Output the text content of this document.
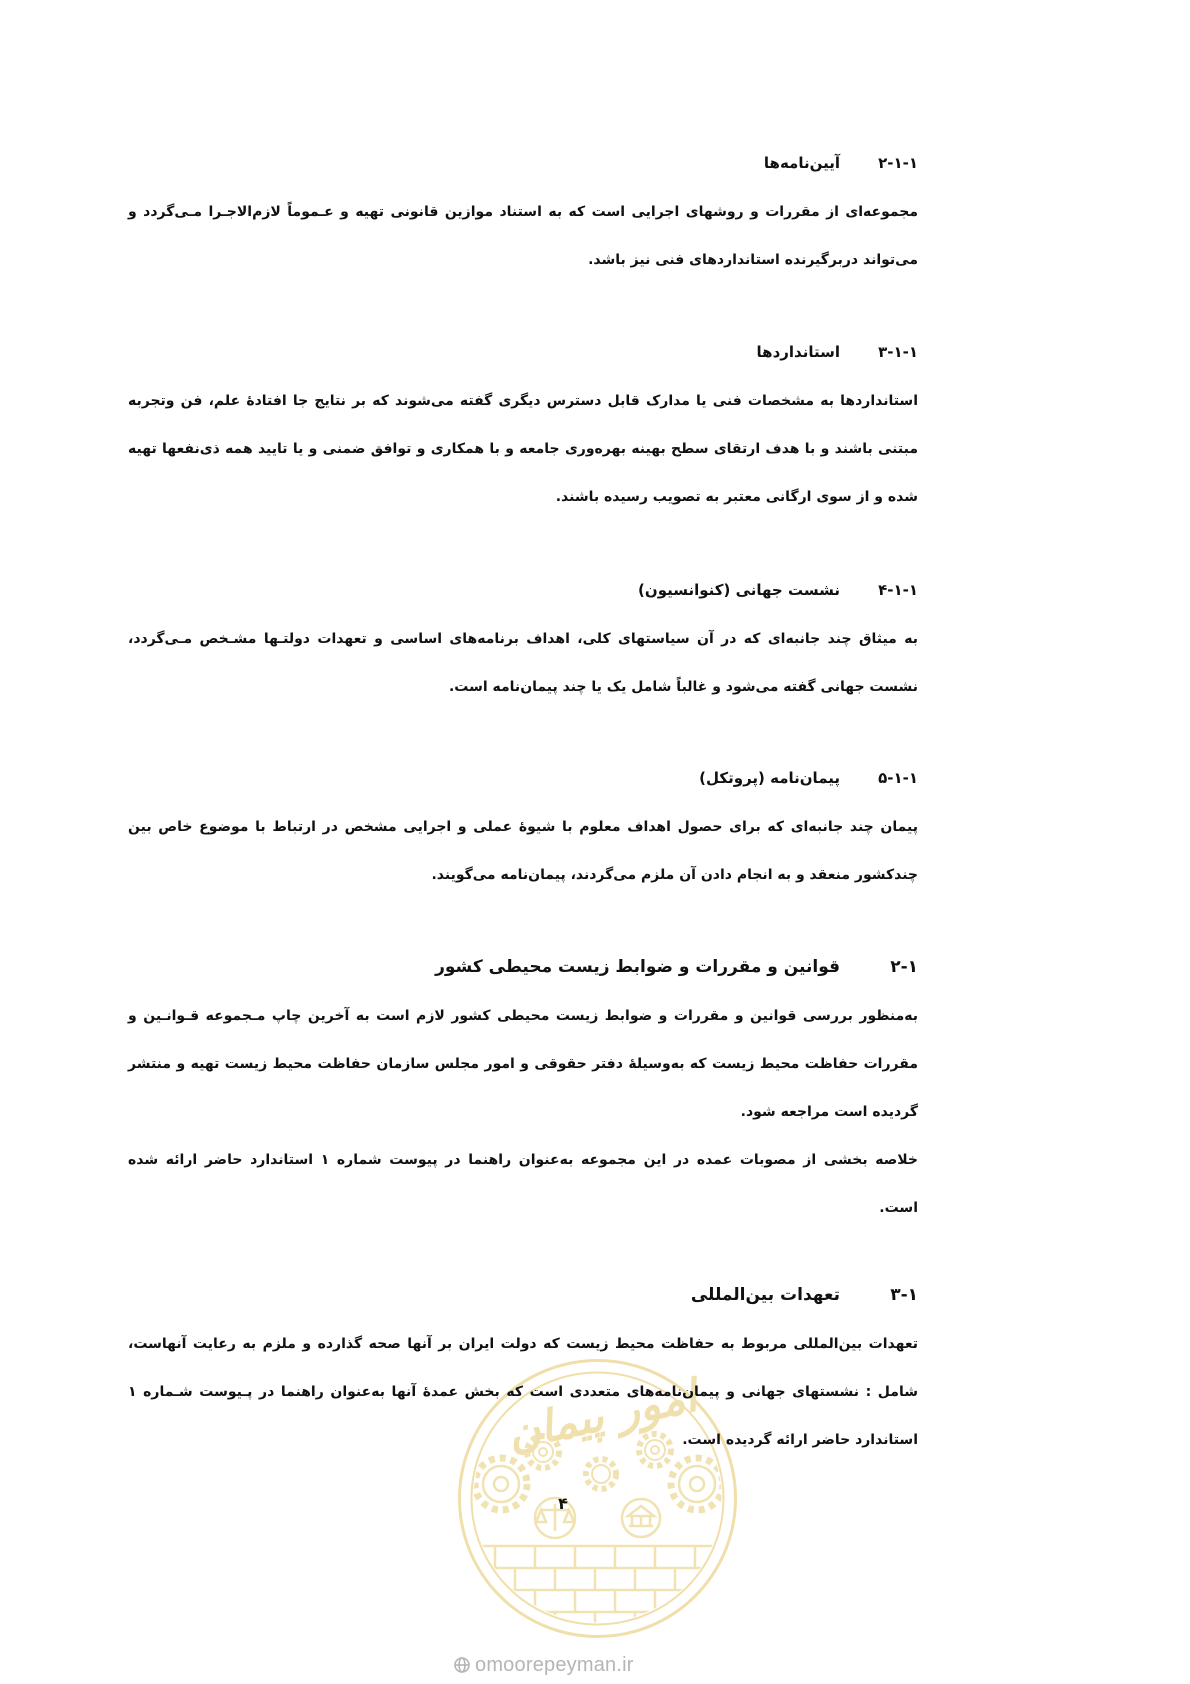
۲-۱-۱
آیین‌نامه‌ها
مجموعه‌ای از مقررات و روشهای اجرایی است که به استناد موازین قانونی تهیه و عـموماً لازم‌الاجـرا مـی‌گردد و
می‌تواند دربرگیرنده استانداردهای فنی نیز باشد.
۳-۱-۱
استانداردها
استانداردها به مشخصات فنی یا مدارک قابل دسترس دیگری گفته می‌شوند که بر نتایج جا افتادهٔ علم، فن وتجربه
مبتنی باشند و با هدف ارتقای سطح بهینه بهره‌وری جامعه و با همکاری و توافق ضمنی و یا تایید همه ذی‌نفعها تهیه
شده و از سوی ارگانی معتبر به تصویب رسیده باشند.
۴-۱-۱
نشست جهانی (کنوانسیون)
به میثاق چند جانبه‌ای که در آن سیاستهای کلی، اهداف برنامه‌های اساسی و تعهدات دولتـها مشـخص مـی‌گردد،
نشست جهانی گفته می‌شود و غالباً شامل یک یا چند پیمان‌نامه است.
۵-۱-۱
پیمان‌نامه (پروتکل)
پیمان چند جانبه‌ای که برای حصول اهداف معلوم با شیوهٔ عملی و اجرایی مشخص در ارتباط با موضوع خاص بین
چندکشور منعقد و به انجام دادن آن ملزم می‌گردند، پیمان‌نامه می‌گویند.
۲-۱
قوانین و مقررات و ضوابط زیست محیطی کشور
به‌منظور بررسی قوانین و مقررات و ضوابط زیست محیطی کشور لازم است به آخرین چاپ مـجموعه قـوانـین و
مقررات حفاظت محیط زیست که به‌وسیلهٔ دفتر حقوقی و امور مجلس سازمان حفاظت محیط زیست تهیه و منتشر
گردیده است مراجعه شود.
خلاصه بخشی از مصوبات عمده در این مجموعه به‌عنوان راهنما در پیوست شماره ۱ استاندارد حاضر ارائه شده
است.
۳-۱
تعهدات بین‌المللی
تعهدات بین‌المللی مربوط به حفاظت محیط زیست که دولت ایران بر آنها صحه گذارده و ملزم به رعایت آنهاست،
شامل : نشستهای جهانی و پیمان‌نامه‌های متعددی است که بخش عمدهٔ آنها به‌عنوان راهنما در پـیوست شـماره ۱
استاندارد حاضر ارائه گردیده است.
امور پیمان
۴
omoorepeyman.ir
